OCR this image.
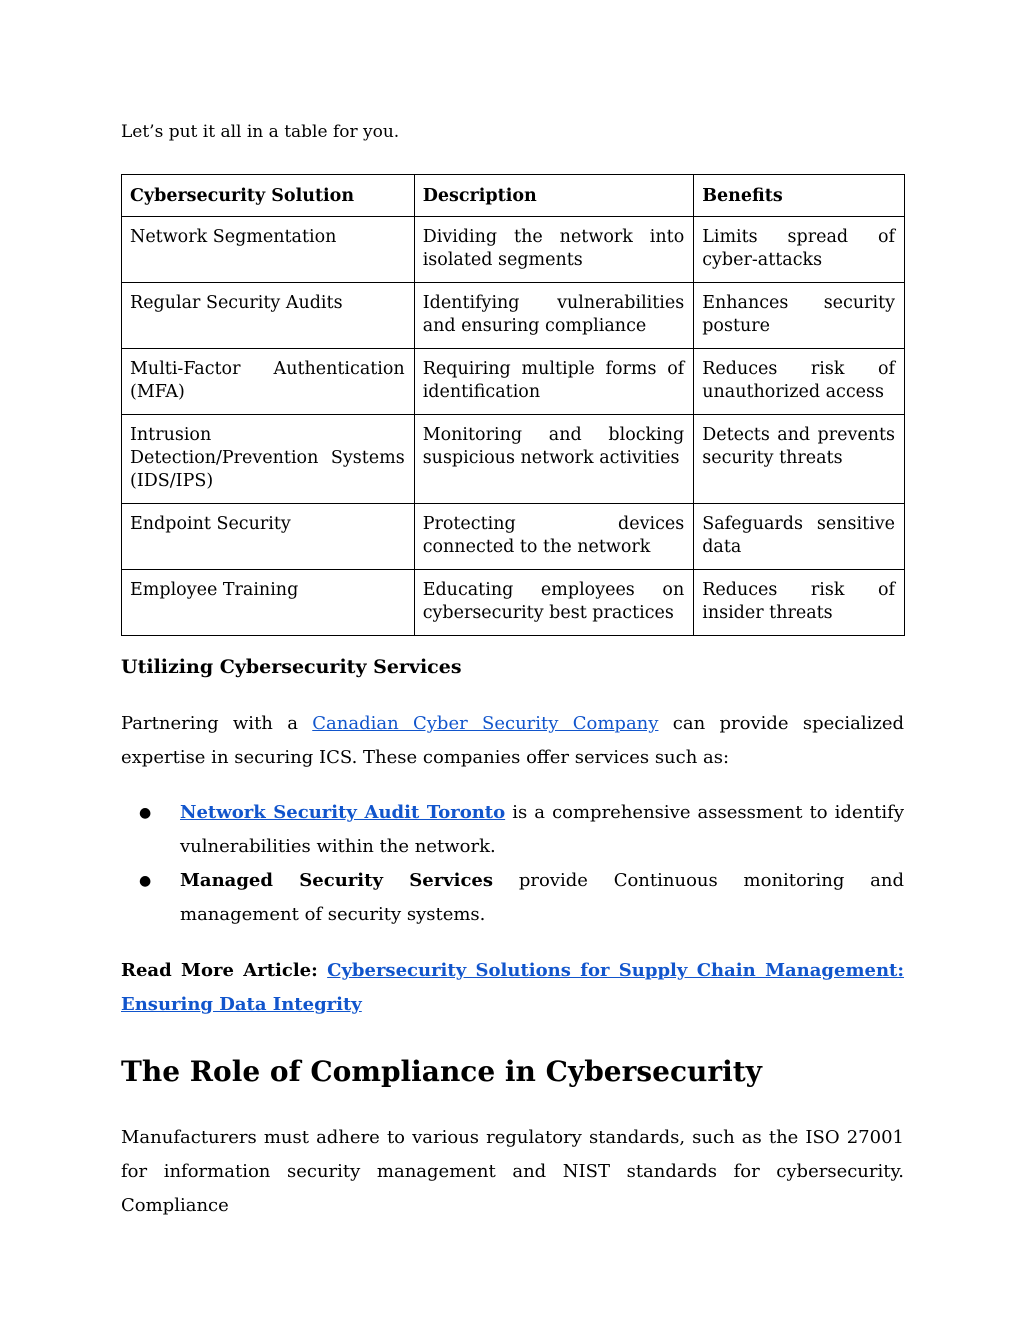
Let’s put it all in a table for you.

Cybersecurity Solution	Description	Benefits
Network Segmentation	Dividing the network into isolated segments	Limits spread of cyber-attacks
Regular Security Audits	Identifying vulnerabilities and ensuring compliance	Enhances security posture
Multi-Factor Authentication (MFA)	Requiring multiple forms of identification	Reduces risk of unauthorized access
Intrusion Detection/Prevention Systems (IDS/IPS)	Monitoring and blocking suspicious network activities	Detects and prevents security threats
Endpoint Security	Protecting devices connected to the network	Safeguards sensitive data
Employee Training	Educating employees on cybersecurity best practices	Reduces risk of insider threats
Utilizing Cybersecurity Services

Partnering with a Canadian Cyber Security Company can provide specialized expertise in securing ICS. These companies offer services such as:

● Network Security Audit Toronto is a comprehensive assessment to identify vulnerabilities within the network.
● Managed Security Services provide Continuous monitoring and management of security systems.

Read More Article: Cybersecurity Solutions for Supply Chain Management: Ensuring Data Integrity

The Role of Compliance in Cybersecurity

Manufacturers must adhere to various regulatory standards, such as the ISO 27001 for information security management and NIST standards for cybersecurity. Compliance
